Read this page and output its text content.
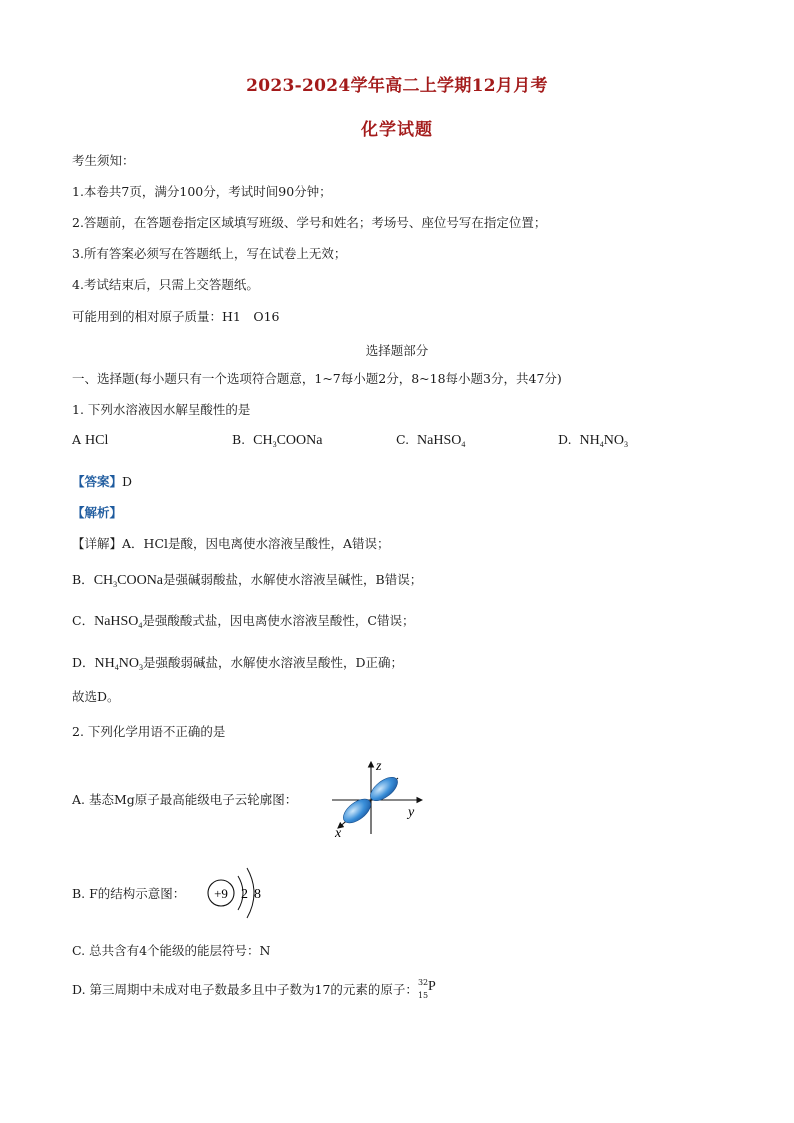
2023-2024学年高二上学期12月月考
化学试题
考生须知：
1.本卷共7页，满分100分，考试时间90分钟；
2.答题前，在答题卷指定区域填写班级、学号和姓名；考场号、座位号写在指定位置；
3.所有答案必须写在答题纸上，写在试卷上无效；
4.考试结束后，只需上交答题纸。
可能用到的相对原子质量：H1　O16
选择题部分
一、选择题(每小题只有一个选项符合题意，1~7每小题2分，8~18每小题3分，共47分)
1. 下列水溶液因水解呈酸性的是
A HCl	B. $CH_3COONa$	C. NaHSO$_4$	D. $NH_4NO_3$
【答案】D
【解析】
【详解】A．HCl是酸，因电离使水溶液呈酸性，A错误；
B．$CH_3COONa$是强碱弱酸盐，水解使水溶液呈碱性，B错误；
C．NaHSO$_4$是强酸酸式盐，因电离使水溶液呈酸性，C错误；
D．$NH_4NO_3$是强酸弱碱盐，水解使水溶液呈酸性，D正确；
故选D。
2. 下列化学用语不正确的是
A. 基态Mg原子最高能级电子云轮廓图：
z
y
x
B. F的结构示意图： +9 2 8
C. 总共含有4个能级的能层符号：N
D. 第三周期中未成对电子数最多且中子数为17的元素的原子： 32
15
P
